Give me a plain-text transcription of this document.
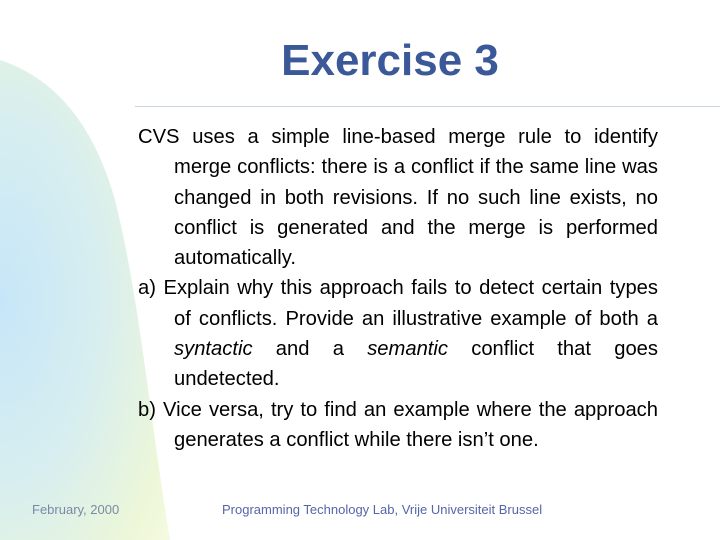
Exercise 3

CVS uses a simple line-based merge rule to identify merge conflicts: there is a conflict if the same line was changed in both revisions. If no such line exists, no conflict is generated and the merge is performed automatically.

a) Explain why this approach fails to detect certain types of conflicts. Provide an illustrative example of both a syntactic and a semantic conflict that goes undetected.

b) Vice versa, try to find an example where the approach generates a conflict while there isn’t one.

February, 2000	Programming Technology Lab, Vrije Universiteit Brussel
